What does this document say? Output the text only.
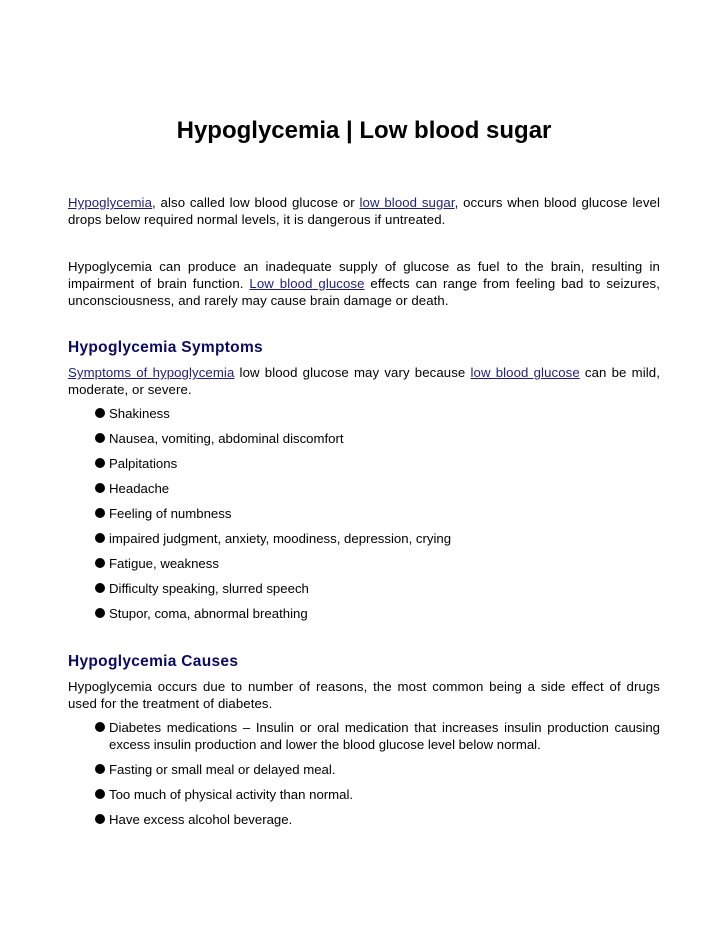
Hypoglycemia | Low blood sugar

Hypoglycemia, also called low blood glucose or low blood sugar, occurs when blood glucose level drops below required normal levels, it is dangerous if untreated.

Hypoglycemia can produce an inadequate supply of glucose as fuel to the brain, resulting in impairment of brain function. Low blood glucose effects can range from feeling bad to seizures, unconsciousness, and rarely may cause brain damage or death.

Hypoglycemia Symptoms

Symptoms of hypoglycemia low blood glucose may vary because low blood glucose can be mild, moderate, or severe.

Shakiness
Nausea, vomiting, abdominal discomfort
Palpitations
Headache
Feeling of numbness
impaired judgment, anxiety, moodiness, depression, crying
Fatigue, weakness
Difficulty speaking, slurred speech
Stupor, coma, abnormal breathing
Hypoglycemia Causes

Hypoglycemia occurs due to number of reasons, the most common being a side effect of drugs used for the treatment of diabetes.

Diabetes medications – Insulin or oral medication that increases insulin production causing excess insulin production and lower the blood glucose level below normal.
Fasting or small meal or delayed meal.
Too much of physical activity than normal.
Have excess alcohol beverage.
